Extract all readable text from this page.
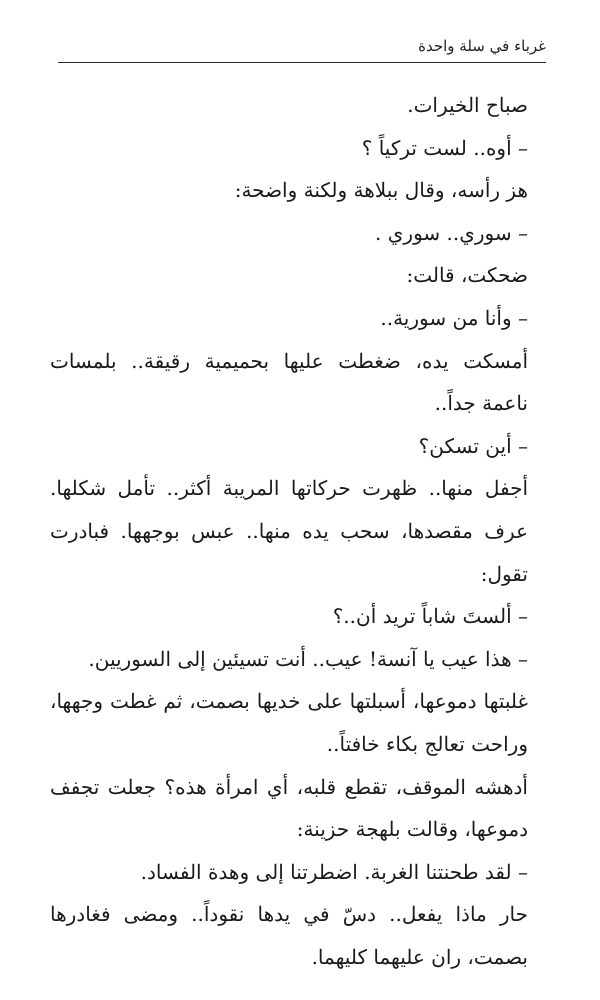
غرباء في سلة واحدة

صباح الخيرات.

– أوه.. لست تركياً ؟

هز رأسه، وقال ببلاهة ولكنة واضحة:

– سوري.. سوري .

ضحكت، قالت:

– وأنا من سورية..

أمسكت يده، ضغطت عليها بحميمية رقيقة.. بلمسات ناعمة جداً..

– أين تسكن؟

أجفل منها.. ظهرت حركاتها المريبة أكثر.. تأمل شكلها. عرف مقصدها، سحب يده منها.. عبس بوجهها. فبادرت تقول:

– ألستَ شاباً تريد أن..؟

– هذا عيب يا آنسة! عيب.. أنت تسيئين إلى السوريين.

غلبتها دموعها، أسبلتها على خديها بصمت، ثم غطت وجهها، وراحت تعالج بكاء خافتاً..

أدهشه الموقف، تقطع قلبه، أي امرأة هذه؟ جعلت تجفف دموعها، وقالت بلهجة حزينة:

– لقد طحنتنا الغربة. اضطرتنا إلى وهدة الفساد.

حار ماذا يفعل.. دسّ في يدها نقوداً.. ومضى فغادرها بصمت، ران عليهما كليهما.
